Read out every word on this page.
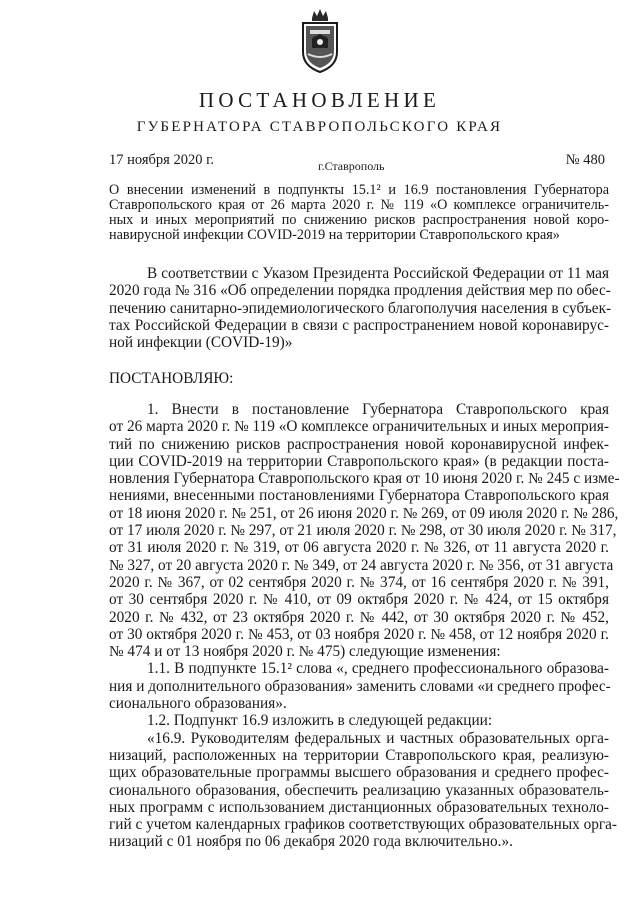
ПОСТАНОВЛЕНИЕ
ГУБЕРНАТОРА СТАВРОПОЛЬСКОГО КРАЯ
17 ноября 2020 г.	г.Ставрополь	№ 480
О внесении изменений в подпункты 15.1² и 16.9 постановления Губернатора
Ставропольского края от 26 марта 2020 г. № 119 «О комплексе ограничитель-
ных и иных мероприятий по снижению рисков распространения новой коро-
навирусной инфекции COVID-2019 на территории Ставропольского края»
В соответствии с Указом Президента Российской Федерации от 11 мая
2020 года № 316 «Об определении порядка продления действия мер по обес-
печению санитарно-эпидемиологического благополучия населения в субъек-
тах Российской Федерации в связи с распространением новой коронавирус-
ной инфекции (COVID-19)»
ПОСТАНОВЛЯЮ:
1. Внести в постановление Губернатора Ставропольского края
от 26 марта 2020 г. № 119 «О комплексе ограничительных и иных мероприя-
тий по снижению рисков распространения новой коронавирусной инфек-
ции COVID-2019 на территории Ставропольского края» (в редакции поста-
новления Губернатора Ставропольского края от 10 июня 2020 г. № 245 с изме-
нениями, внесенными постановлениями Губернатора Ставропольского края
от 18 июня 2020 г. № 251, от 26 июня 2020 г. № 269, от 09 июля 2020 г. № 286,
от 17 июля 2020 г. № 297, от 21 июля 2020 г. № 298, от 30 июля 2020 г. № 317,
от 31 июля 2020 г. № 319, от 06 августа 2020 г. № 326, от 11 августа 2020 г.
№ 327, от 20 августа 2020 г. № 349, от 24 августа 2020 г. № 356, от 31 августа
2020 г. № 367, от 02 сентября 2020 г. № 374, от 16 сентября 2020 г. № 391,
от 30 сентября 2020 г. № 410, от 09 октября 2020 г. № 424, от 15 октября
2020 г. № 432, от 23 октября 2020 г. № 442, от 30 октября 2020 г. № 452,
от 30 октября 2020 г. № 453, от 03 ноября 2020 г. № 458, от 12 ноября 2020 г.
№ 474 и от 13 ноября 2020 г. № 475) следующие изменения:
1.1. В подпункте 15.1² слова «, среднего профессионального образова-
ния и дополнительного образования» заменить словами «и среднего профес-
сионального образования».
1.2. Подпункт 16.9 изложить в следующей редакции:
«16.9. Руководителям федеральных и частных образовательных орга-
низаций, расположенных на территории Ставропольского края, реализую-
щих образовательные программы высшего образования и среднего профес-
сионального образования, обеспечить реализацию указанных образователь-
ных программ с использованием дистанционных образовательных техноло-
гий с учетом календарных графиков соответствующих образовательных орга-
низаций с 01 ноября по 06 декабря 2020 года включительно.».
